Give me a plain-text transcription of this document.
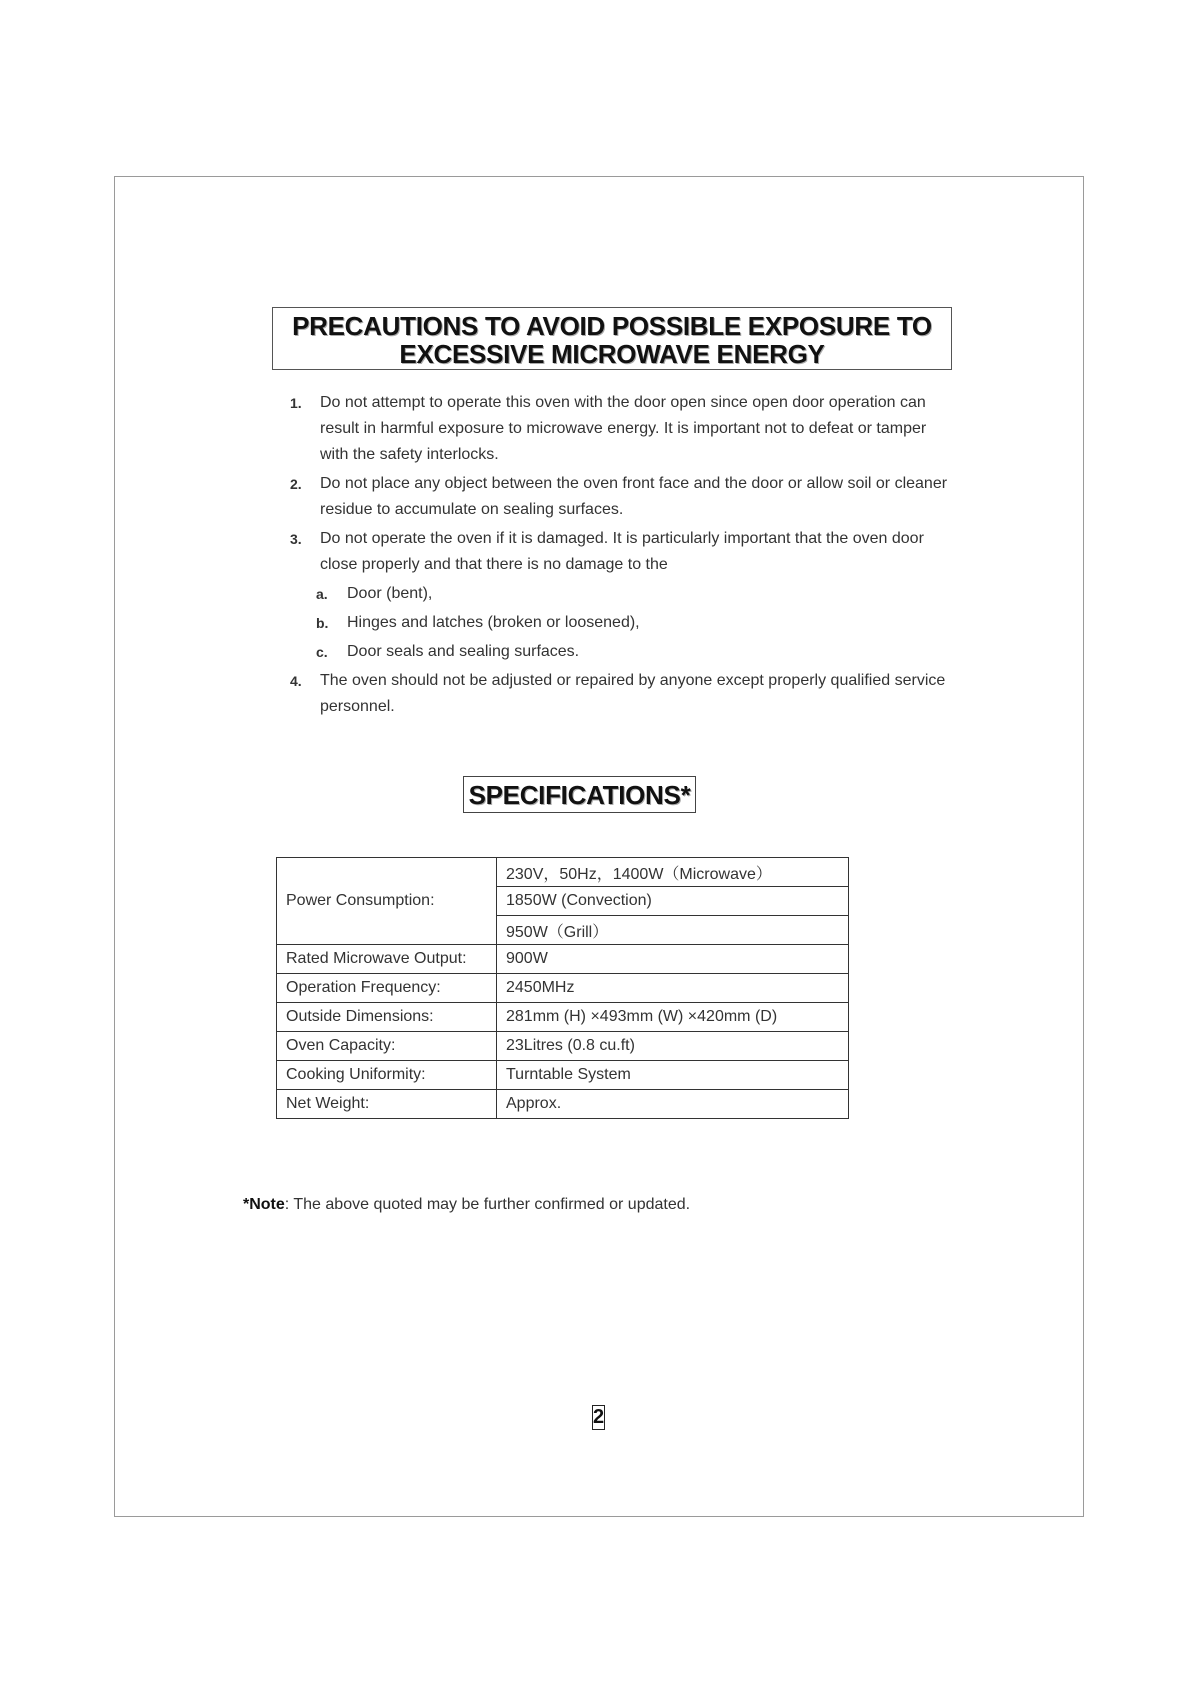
PRECAUTIONS TO AVOID POSSIBLE EXPOSURE TO
EXCESSIVE MICROWAVE ENERGY
1. Do not attempt to operate this oven with the door open since open door operation can result in harmful exposure to microwave energy. It is important not to defeat or tamper with the safety interlocks.
2. Do not place any object between the oven front face and the door or allow soil or cleaner residue to accumulate on sealing surfaces.
3. Do not operate the oven if it is damaged. It is particularly important that the oven door close properly and that there is no damage to the
a. Door (bent),
b. Hinges and latches (broken or loosened),
c. Door seals and sealing surfaces.
4. The oven should not be adjusted or repaired by anyone except properly qualified service personnel.
SPECIFICATIONS*
Power Consumption:	230V，50Hz，1400W（Microwave）
	1850W (Convection)
	950W（Grill）
Rated Microwave Output:	900W
Operation Frequency:	2450MHz
Outside Dimensions:	281mm (H) ×493mm (W) ×420mm (D)
Oven Capacity:	23Litres (0.8 cu.ft)
Cooking Uniformity:	Turntable System
Net Weight:	Approx.
*Note: The above quoted may be further confirmed or updated.
2
